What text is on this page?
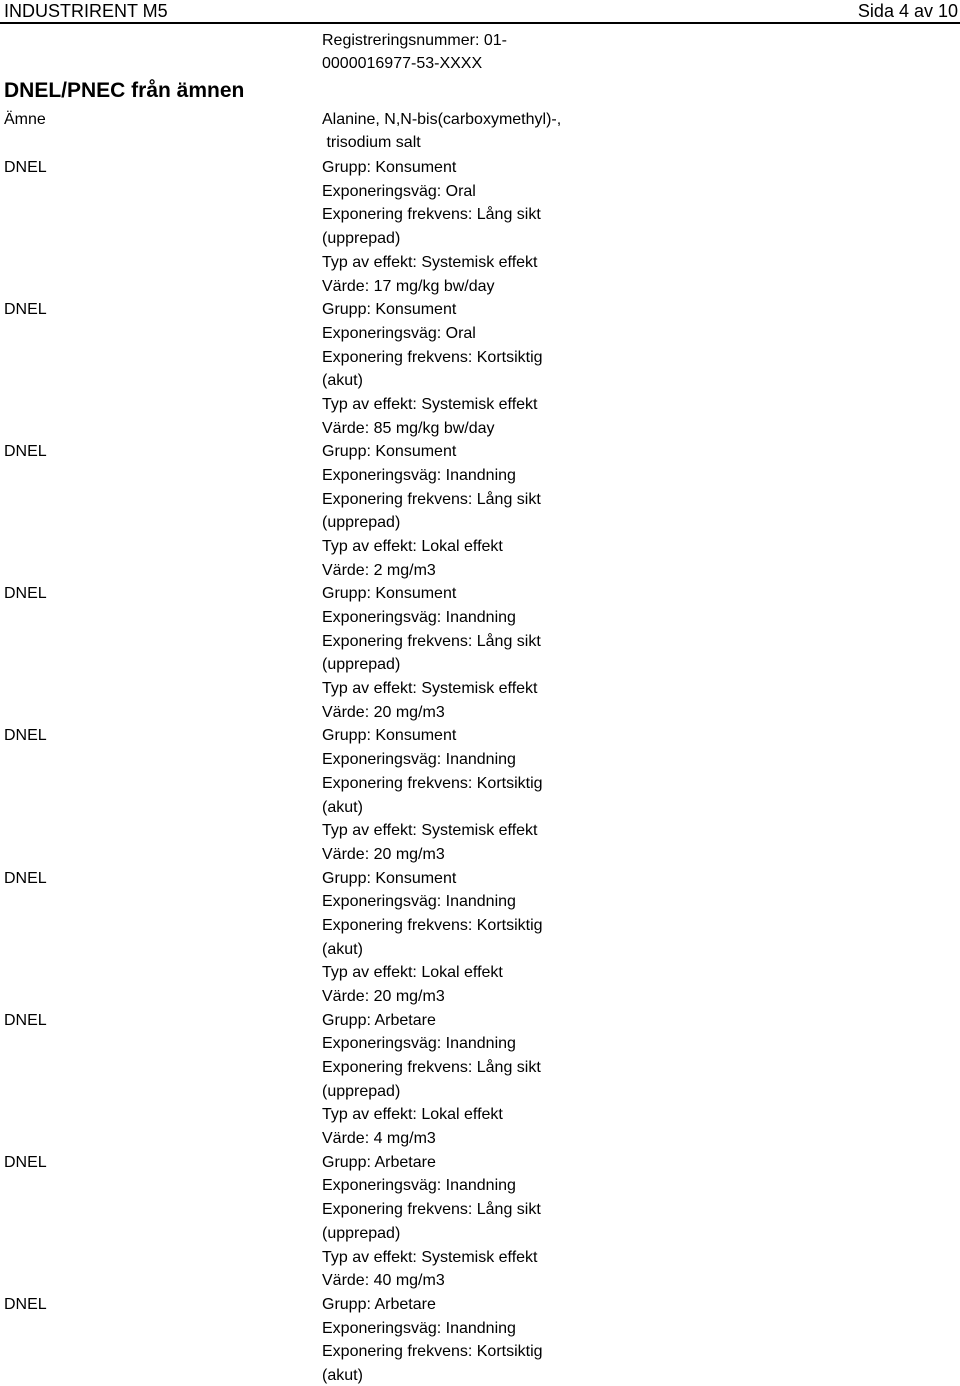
INDUSTRIRENT M5	Sida 4 av 10
Registreringsnummer: 01-
0000016977-53-XXXX
DNEL/PNEC från ämnen
Ämne	Alanine, N,N-bis(carboxymethyl)-,
trisodium salt
DNEL	Grupp: Konsument
Exponeringsväg: Oral
Exponering frekvens: Lång sikt
(upprepad)
Typ av effekt: Systemisk effekt
Värde: 17 mg/kg bw/day
DNEL	Grupp: Konsument
Exponeringsväg: Oral
Exponering frekvens: Kortsiktig
(akut)
Typ av effekt: Systemisk effekt
Värde: 85 mg/kg bw/day
DNEL	Grupp: Konsument
Exponeringsväg: Inandning
Exponering frekvens: Lång sikt
(upprepad)
Typ av effekt: Lokal effekt
Värde: 2 mg/m3
DNEL	Grupp: Konsument
Exponeringsväg: Inandning
Exponering frekvens: Lång sikt
(upprepad)
Typ av effekt: Systemisk effekt
Värde: 20 mg/m3
DNEL	Grupp: Konsument
Exponeringsväg: Inandning
Exponering frekvens: Kortsiktig
(akut)
Typ av effekt: Systemisk effekt
Värde: 20 mg/m3
DNEL	Grupp: Konsument
Exponeringsväg: Inandning
Exponering frekvens: Kortsiktig
(akut)
Typ av effekt: Lokal effekt
Värde: 20 mg/m3
DNEL	Grupp: Arbetare
Exponeringsväg: Inandning
Exponering frekvens: Lång sikt
(upprepad)
Typ av effekt: Lokal effekt
Värde: 4 mg/m3
DNEL	Grupp: Arbetare
Exponeringsväg: Inandning
Exponering frekvens: Lång sikt
(upprepad)
Typ av effekt: Systemisk effekt
Värde: 40 mg/m3
DNEL	Grupp: Arbetare
Exponeringsväg: Inandning
Exponering frekvens: Kortsiktig
(akut)
